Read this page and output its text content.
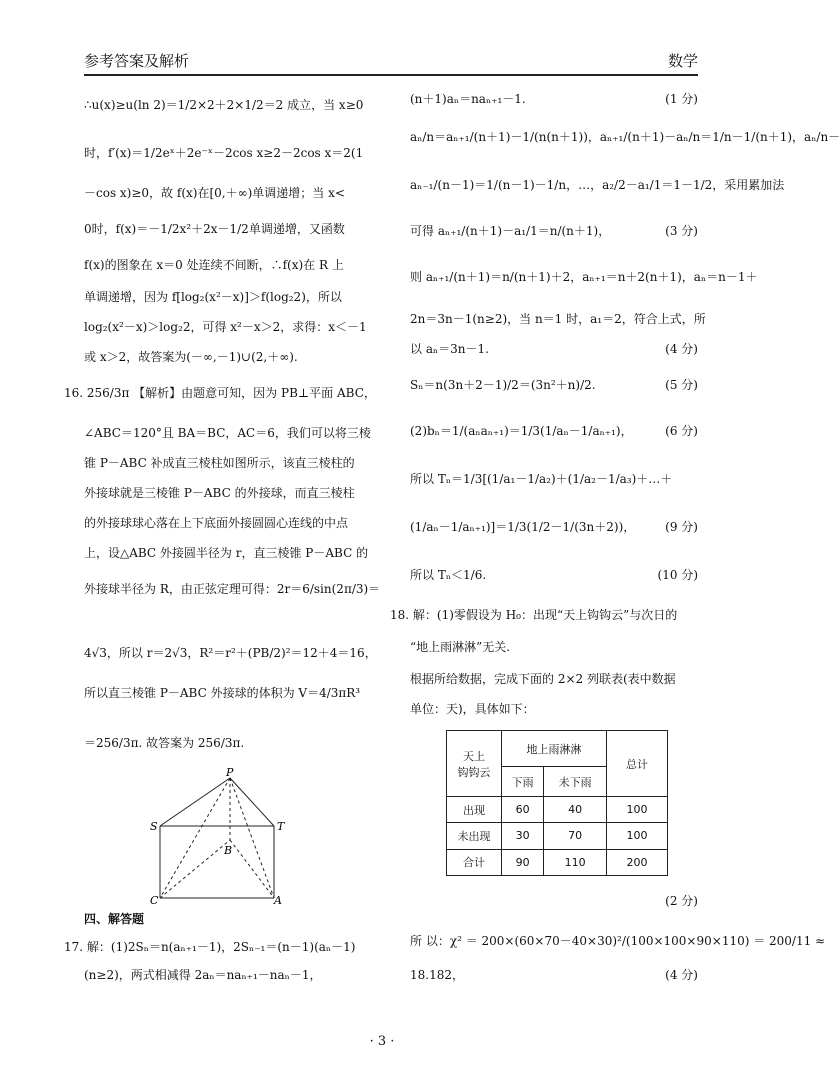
参考答案及解析	数学
∴u(x)≥u(ln 2)＝1/2×2＋2×1/2＝2 成立，当 x≥0
时，f′(x)＝1/2eˣ＋2e⁻ˣ－2cos x≥2－2cos x＝2(1
－cos x)≥0，故 f(x)在[0,＋∞)单调递增；当 x<
0时，f(x)＝－1/2x²＋2x－1/2单调递增，又函数
f(x)的图象在 x＝0 处连续不间断，∴f(x)在 R 上
单调递增，因为 f[log₂(x²－x)]＞f(log₂2)，所以
log₂(x²－x)＞log₂2，可得 x²－x＞2，求得：x＜－1
或 x＞2，故答案为(－∞,－1)∪(2,＋∞).
16. 256/3π 【解析】由题意可知，因为 PB⊥平面 ABC，
∠ABC＝120°且 BA＝BC，AC＝6，我们可以将三棱
锥 P－ABC 补成直三棱柱如图所示，该直三棱柱的
外接球就是三棱锥 P－ABC 的外接球，而直三棱柱
的外接球球心落在上下底面外接圆圆心连线的中点
上，设△ABC 外接圆半径为 r，直三棱锥 P－ABC 的
外接球半径为 R，由正弦定理可得：2r＝6/sin(2π/3)＝
4√3，所以 r＝2√3，R²＝r²＋(PB/2)²＝12＋4＝16，
所以直三棱锥 P－ABC 外接球的体积为 V＝4/3πR³
＝256/3π. 故答案为 256/3π.
P
S	T
B
C	A
四、解答题
17. 解：(1)2Sₙ＝n(aₙ₊₁－1)，2Sₙ₋₁＝(n－1)(aₙ－1)
(n≥2)，两式相减得 2aₙ＝naₙ₊₁－naₙ－1，
(n＋1)aₙ＝naₙ₊₁－1.	(1 分)
aₙ/n＝aₙ₊₁/(n＋1)－1/(n(n＋1))，aₙ₊₁/(n＋1)－aₙ/n＝1/n－1/(n＋1)，aₙ/n－
aₙ₋₁/(n－1)＝1/(n－1)－1/n，…，a₂/2－a₁/1＝1－1/2，采用累加法
可得 aₙ₊₁/(n＋1)－a₁/1＝n/(n＋1)，	(3 分)
则 aₙ₊₁/(n＋1)＝n/(n＋1)＋2，aₙ₊₁＝n＋2(n＋1)，aₙ＝n－1＋
2n＝3n－1(n≥2)，当 n＝1 时，a₁＝2，符合上式，所
以 aₙ＝3n－1.	(4 分)
Sₙ＝n(3n＋2－1)/2＝(3n²＋n)/2.	(5 分)
(2)bₙ＝1/(aₙaₙ₊₁)＝1/3(1/aₙ－1/aₙ₊₁)，	(6 分)
所以 Tₙ＝1/3[(1/a₁－1/a₂)＋(1/a₂－1/a₃)＋…＋
(1/aₙ－1/aₙ₊₁)]＝1/3(1/2－1/(3n＋2))， (9 分)
所以 Tₙ＜1/6.	(10 分)
18. 解：(1)零假设为 H₀：出现“天上钩钩云”与次日的
“地上雨淋淋”无关.
根据所给数据，完成下面的 2×2 列联表(表中数据
单位：天)，具体如下：
天上
钩钩云	地上雨淋淋		总计
	下雨	未下雨	
出现	60	40	100
未出现	30	70	100
合计	90	110	200
(2 分)
所 以：χ² ＝ 200×(60×70－40×30)²/(100×100×90×110) ＝ 200/11 ≈
18.182，	(4 分)
· 3 ·
